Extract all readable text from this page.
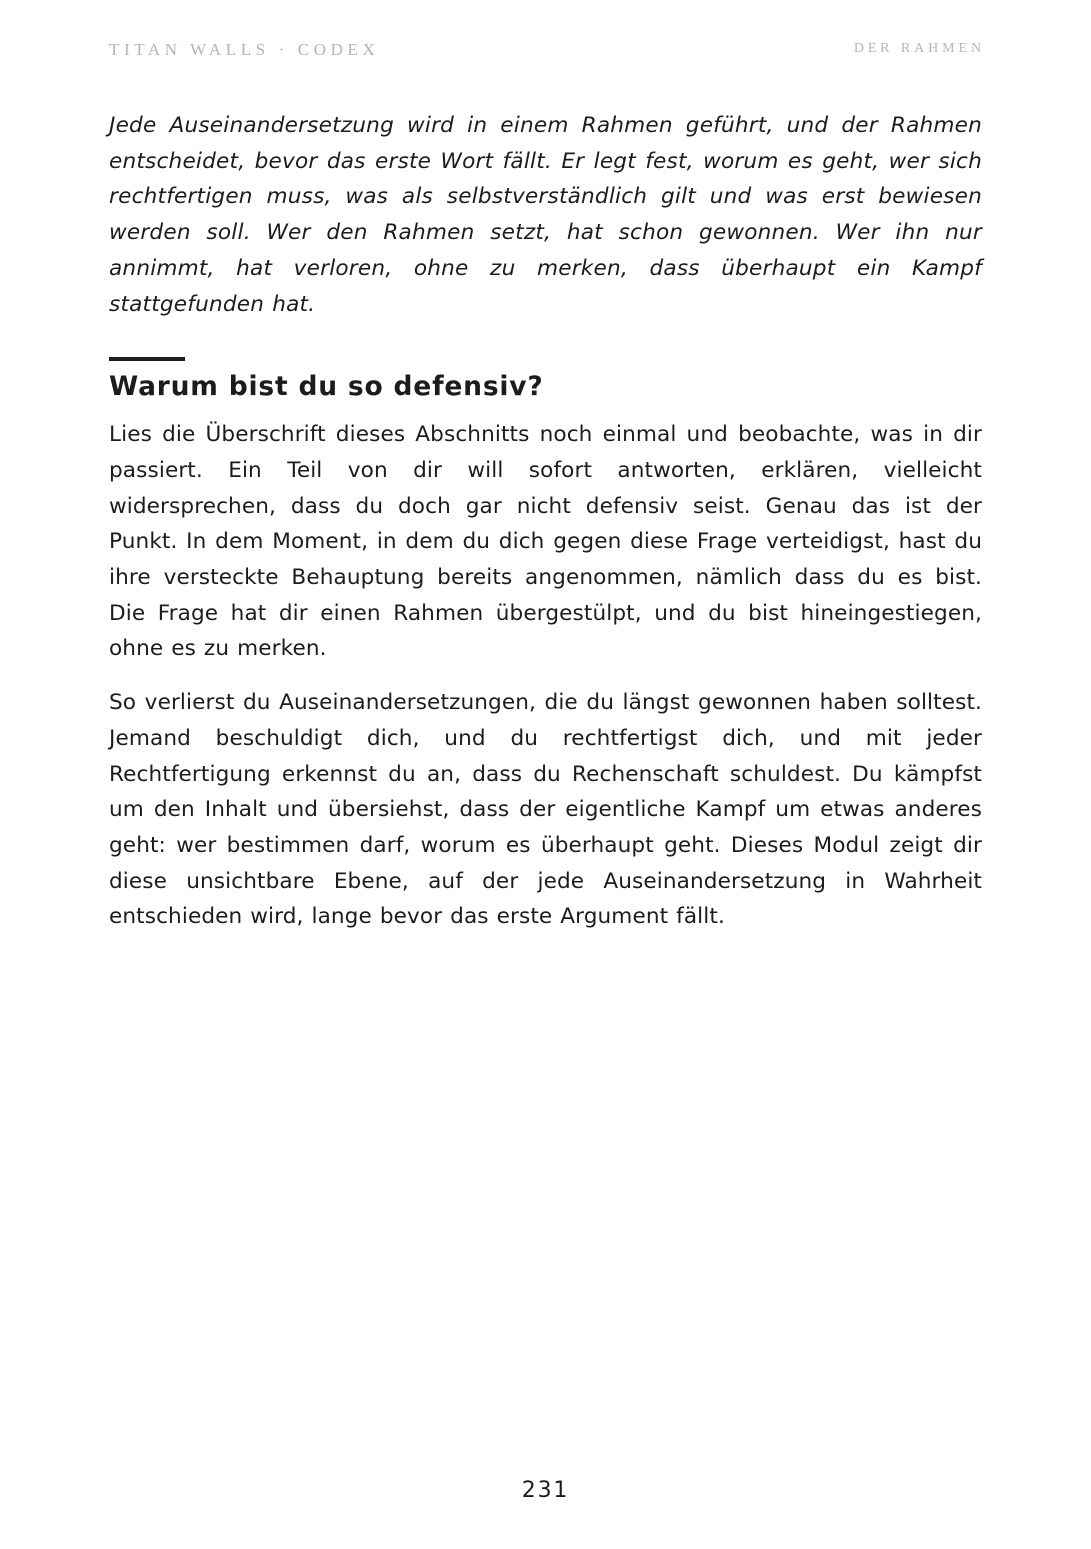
TITAN WALLS · CODEX	DER RAHMEN

Jede Auseinandersetzung wird in einem Rahmen geführt, und der Rahmen entscheidet, bevor das erste Wort fällt. Er legt fest, worum es geht, wer sich rechtfertigen muss, was als selbstverständlich gilt und was erst bewiesen werden soll. Wer den Rahmen setzt, hat schon gewonnen. Wer ihn nur annimmt, hat verloren, ohne zu merken, dass überhaupt ein Kampf stattgefunden hat.

Warum bist du so defensiv?

Lies die Überschrift dieses Abschnitts noch einmal und beobachte, was in dir passiert. Ein Teil von dir will sofort antworten, erklären, vielleicht widersprechen, dass du doch gar nicht defensiv seist. Genau das ist der Punkt. In dem Moment, in dem du dich gegen diese Frage verteidigst, hast du ihre versteckte Behauptung bereits angenommen, nämlich dass du es bist. Die Frage hat dir einen Rahmen übergestülpt, und du bist hineingestiegen, ohne es zu merken.

So verlierst du Auseinandersetzungen, die du längst gewonnen haben solltest. Jemand beschuldigt dich, und du rechtfertigst dich, und mit jeder Rechtfertigung erkennst du an, dass du Rechenschaft schuldest. Du kämpfst um den Inhalt und übersiehst, dass der eigentliche Kampf um etwas anderes geht: wer bestimmen darf, worum es überhaupt geht. Dieses Modul zeigt dir diese unsichtbare Ebene, auf der jede Auseinandersetzung in Wahrheit entschieden wird, lange bevor das erste Argument fällt.

231
